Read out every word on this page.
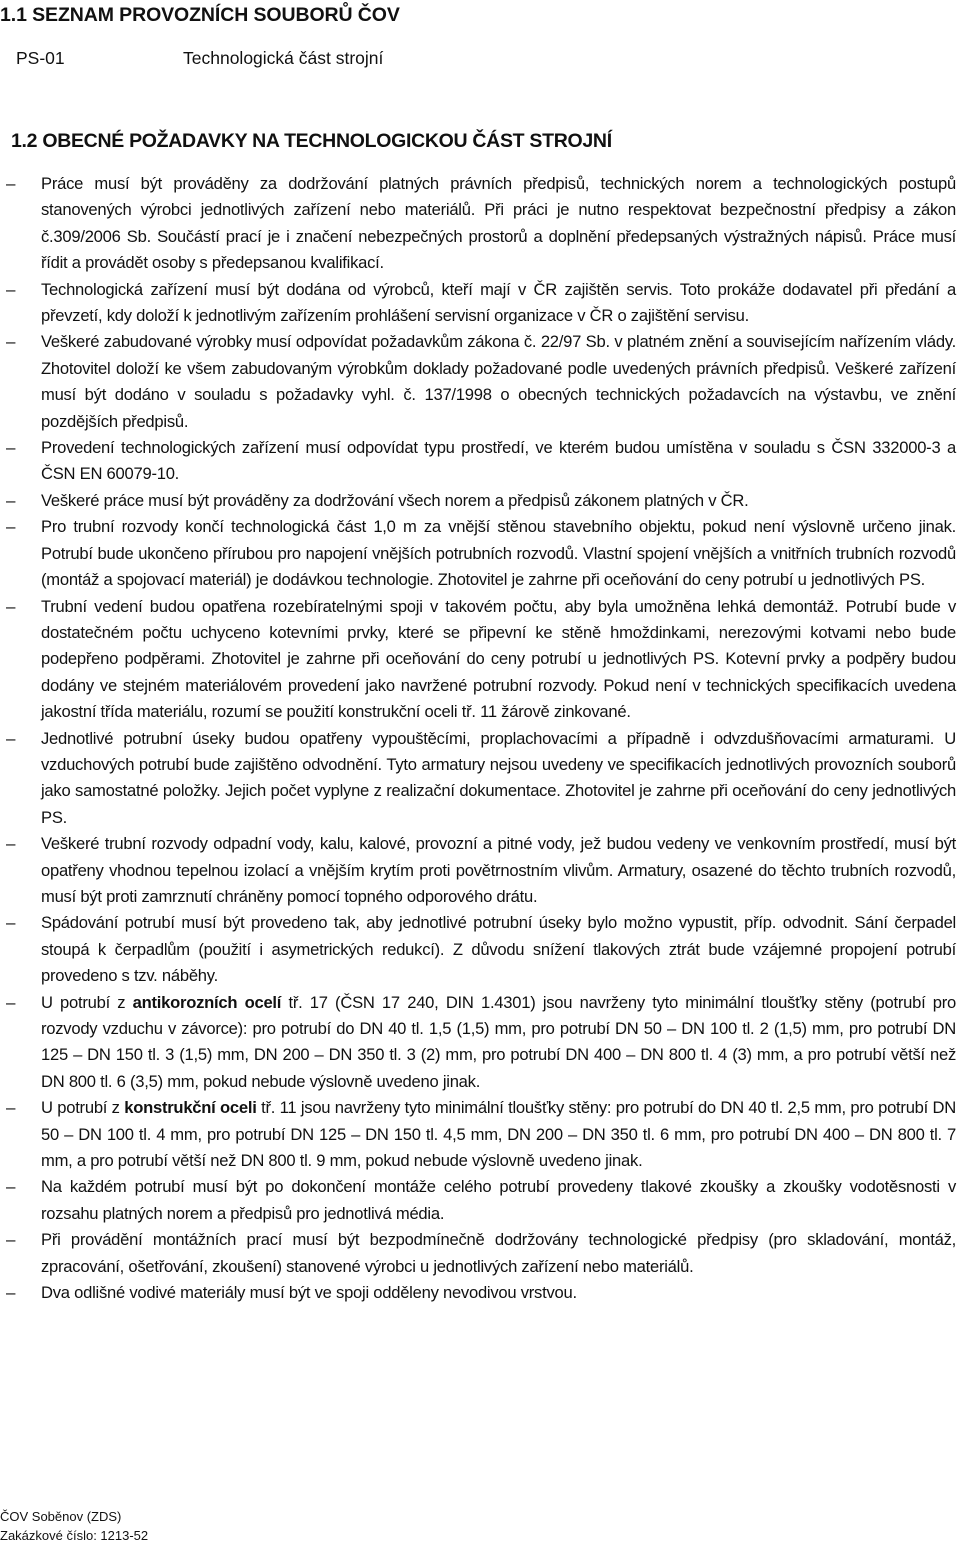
1.1 SEZNAM PROVOZNÍCH SOUBORŮ ČOV
PS-01	Technologická část strojní
1.2 OBECNÉ POŽADAVKY NA TECHNOLOGICKOU ČÁST STROJNÍ
– Práce musí být prováděny za dodržování platných právních předpisů, technických norem a technologických postupů stanovených výrobci jednotlivých zařízení nebo materiálů. Při práci je nutno respektovat bezpečnostní předpisy a zákon č.309/2006 Sb. Součástí prací je i značení nebezpečných prostorů a doplnění předepsaných výstražných nápisů. Práce musí řídit a provádět osoby s předepsanou kvalifikací.
– Technologická zařízení musí být dodána od výrobců, kteří mají v ČR zajištěn servis. Toto prokáže dodavatel při předání a převzetí, kdy doloží k jednotlivým zařízením prohlášení servisní organizace v ČR o zajištění servisu.
– Veškeré zabudované výrobky musí odpovídat požadavkům zákona č. 22/97 Sb. v platném znění a souvisejícím nařízením vlády. Zhotovitel doloží ke všem zabudovaným výrobkům doklady požadované podle uvedených právních předpisů. Veškeré zařízení musí být dodáno v souladu s požadavky vyhl. č. 137/1998 o obecných technických požadavcích na výstavbu, ve znění pozdějších předpisů.
– Provedení technologických zařízení musí odpovídat typu prostředí, ve kterém budou umístěna v souladu s ČSN 332000-3 a ČSN EN 60079-10.
– Veškeré práce musí být prováděny za dodržování všech norem a předpisů zákonem platných v ČR.
– Pro trubní rozvody končí technologická část 1,0 m za vnější stěnou stavebního objektu, pokud není výslovně určeno jinak. Potrubí bude ukončeno přírubou pro napojení vnějších potrubních rozvodů. Vlastní spojení vnějších a vnitřních trubních rozvodů (montáž a spojovací materiál) je dodávkou technologie. Zhotovitel je zahrne při oceňování do ceny potrubí u jednotlivých PS.
– Trubní vedení budou opatřena rozebíratelnými spoji v takovém počtu, aby byla umožněna lehká demontáž. Potrubí bude v dostatečném počtu uchyceno kotevními prvky, které se připevní ke stěně hmoždinkami, nerezovými kotvami nebo bude podepřeno podpěrami. Zhotovitel je zahrne při oceňování do ceny potrubí u jednotlivých PS. Kotevní prvky a podpěry budou dodány ve stejném materiálovém provedení jako navržené potrubní rozvody. Pokud není v technických specifikacích uvedena jakostní třída materiálu, rozumí se použití konstrukční oceli tř. 11 žárově zinkované.
– Jednotlivé potrubní úseky budou opatřeny vypouštěcími, proplachovacími a případně i odvzdušňovacími armaturami. U vzduchových potrubí bude zajištěno odvodnění. Tyto armatury nejsou uvedeny ve specifikacích jednotlivých provozních souborů jako samostatné položky. Jejich počet vyplyne z realizační dokumentace. Zhotovitel je zahrne při oceňování do ceny jednotlivých PS.
– Veškeré trubní rozvody odpadní vody, kalu, kalové, provozní a pitné vody, jež budou vedeny ve venkovním prostředí, musí být opatřeny vhodnou tepelnou izolací a vnějším krytím proti povětrnostním vlivům. Armatury, osazené do těchto trubních rozvodů, musí být proti zamrznutí chráněny pomocí topného odporového drátu.
– Spádování potrubí musí být provedeno tak, aby jednotlivé potrubní úseky bylo možno vypustit, příp. odvodnit. Sání čerpadel stoupá k čerpadlům (použití i asymetrických redukcí). Z důvodu snížení tlakových ztrát bude vzájemné propojení potrubí provedeno s tzv. náběhy.
– U potrubí z antikorozních ocelí tř. 17 (ČSN 17 240, DIN 1.4301) jsou navrženy tyto minimální tloušťky stěny (potrubí pro rozvody vzduchu v závorce): pro potrubí do DN 40 tl. 1,5 (1,5) mm, pro potrubí DN 50 – DN 100 tl. 2 (1,5) mm, pro potrubí DN 125 – DN 150 tl. 3 (1,5) mm, DN 200 – DN 350 tl. 3 (2) mm, pro potrubí DN 400 – DN 800 tl. 4 (3) mm, a pro potrubí větší než DN 800 tl. 6 (3,5) mm, pokud nebude výslovně uvedeno jinak.
– U potrubí z konstrukční oceli tř. 11 jsou navrženy tyto minimální tloušťky stěny: pro potrubí do DN 40 tl. 2,5 mm, pro potrubí DN 50 – DN 100 tl. 4 mm, pro potrubí DN 125 – DN 150 tl. 4,5 mm, DN 200 – DN 350 tl. 6 mm, pro potrubí DN 400 – DN 800 tl. 7 mm, a pro potrubí větší než DN 800 tl. 9 mm, pokud nebude výslovně uvedeno jinak.
– Na každém potrubí musí být po dokončení montáže celého potrubí provedeny tlakové zkoušky a zkoušky vodotěsnosti v rozsahu platných norem a předpisů pro jednotlivá média.
– Při provádění montážních prací musí být bezpodmínečně dodržovány technologické předpisy (pro skladování, montáž, zpracování, ošetřování, zkoušení) stanovené výrobci u jednotlivých zařízení nebo materiálů.
– Dva odlišné vodivé materiály musí být ve spoji odděleny nevodivou vrstvou.
ČOV Soběnov (ZDS)
Zakázkové číslo: 1213-52
